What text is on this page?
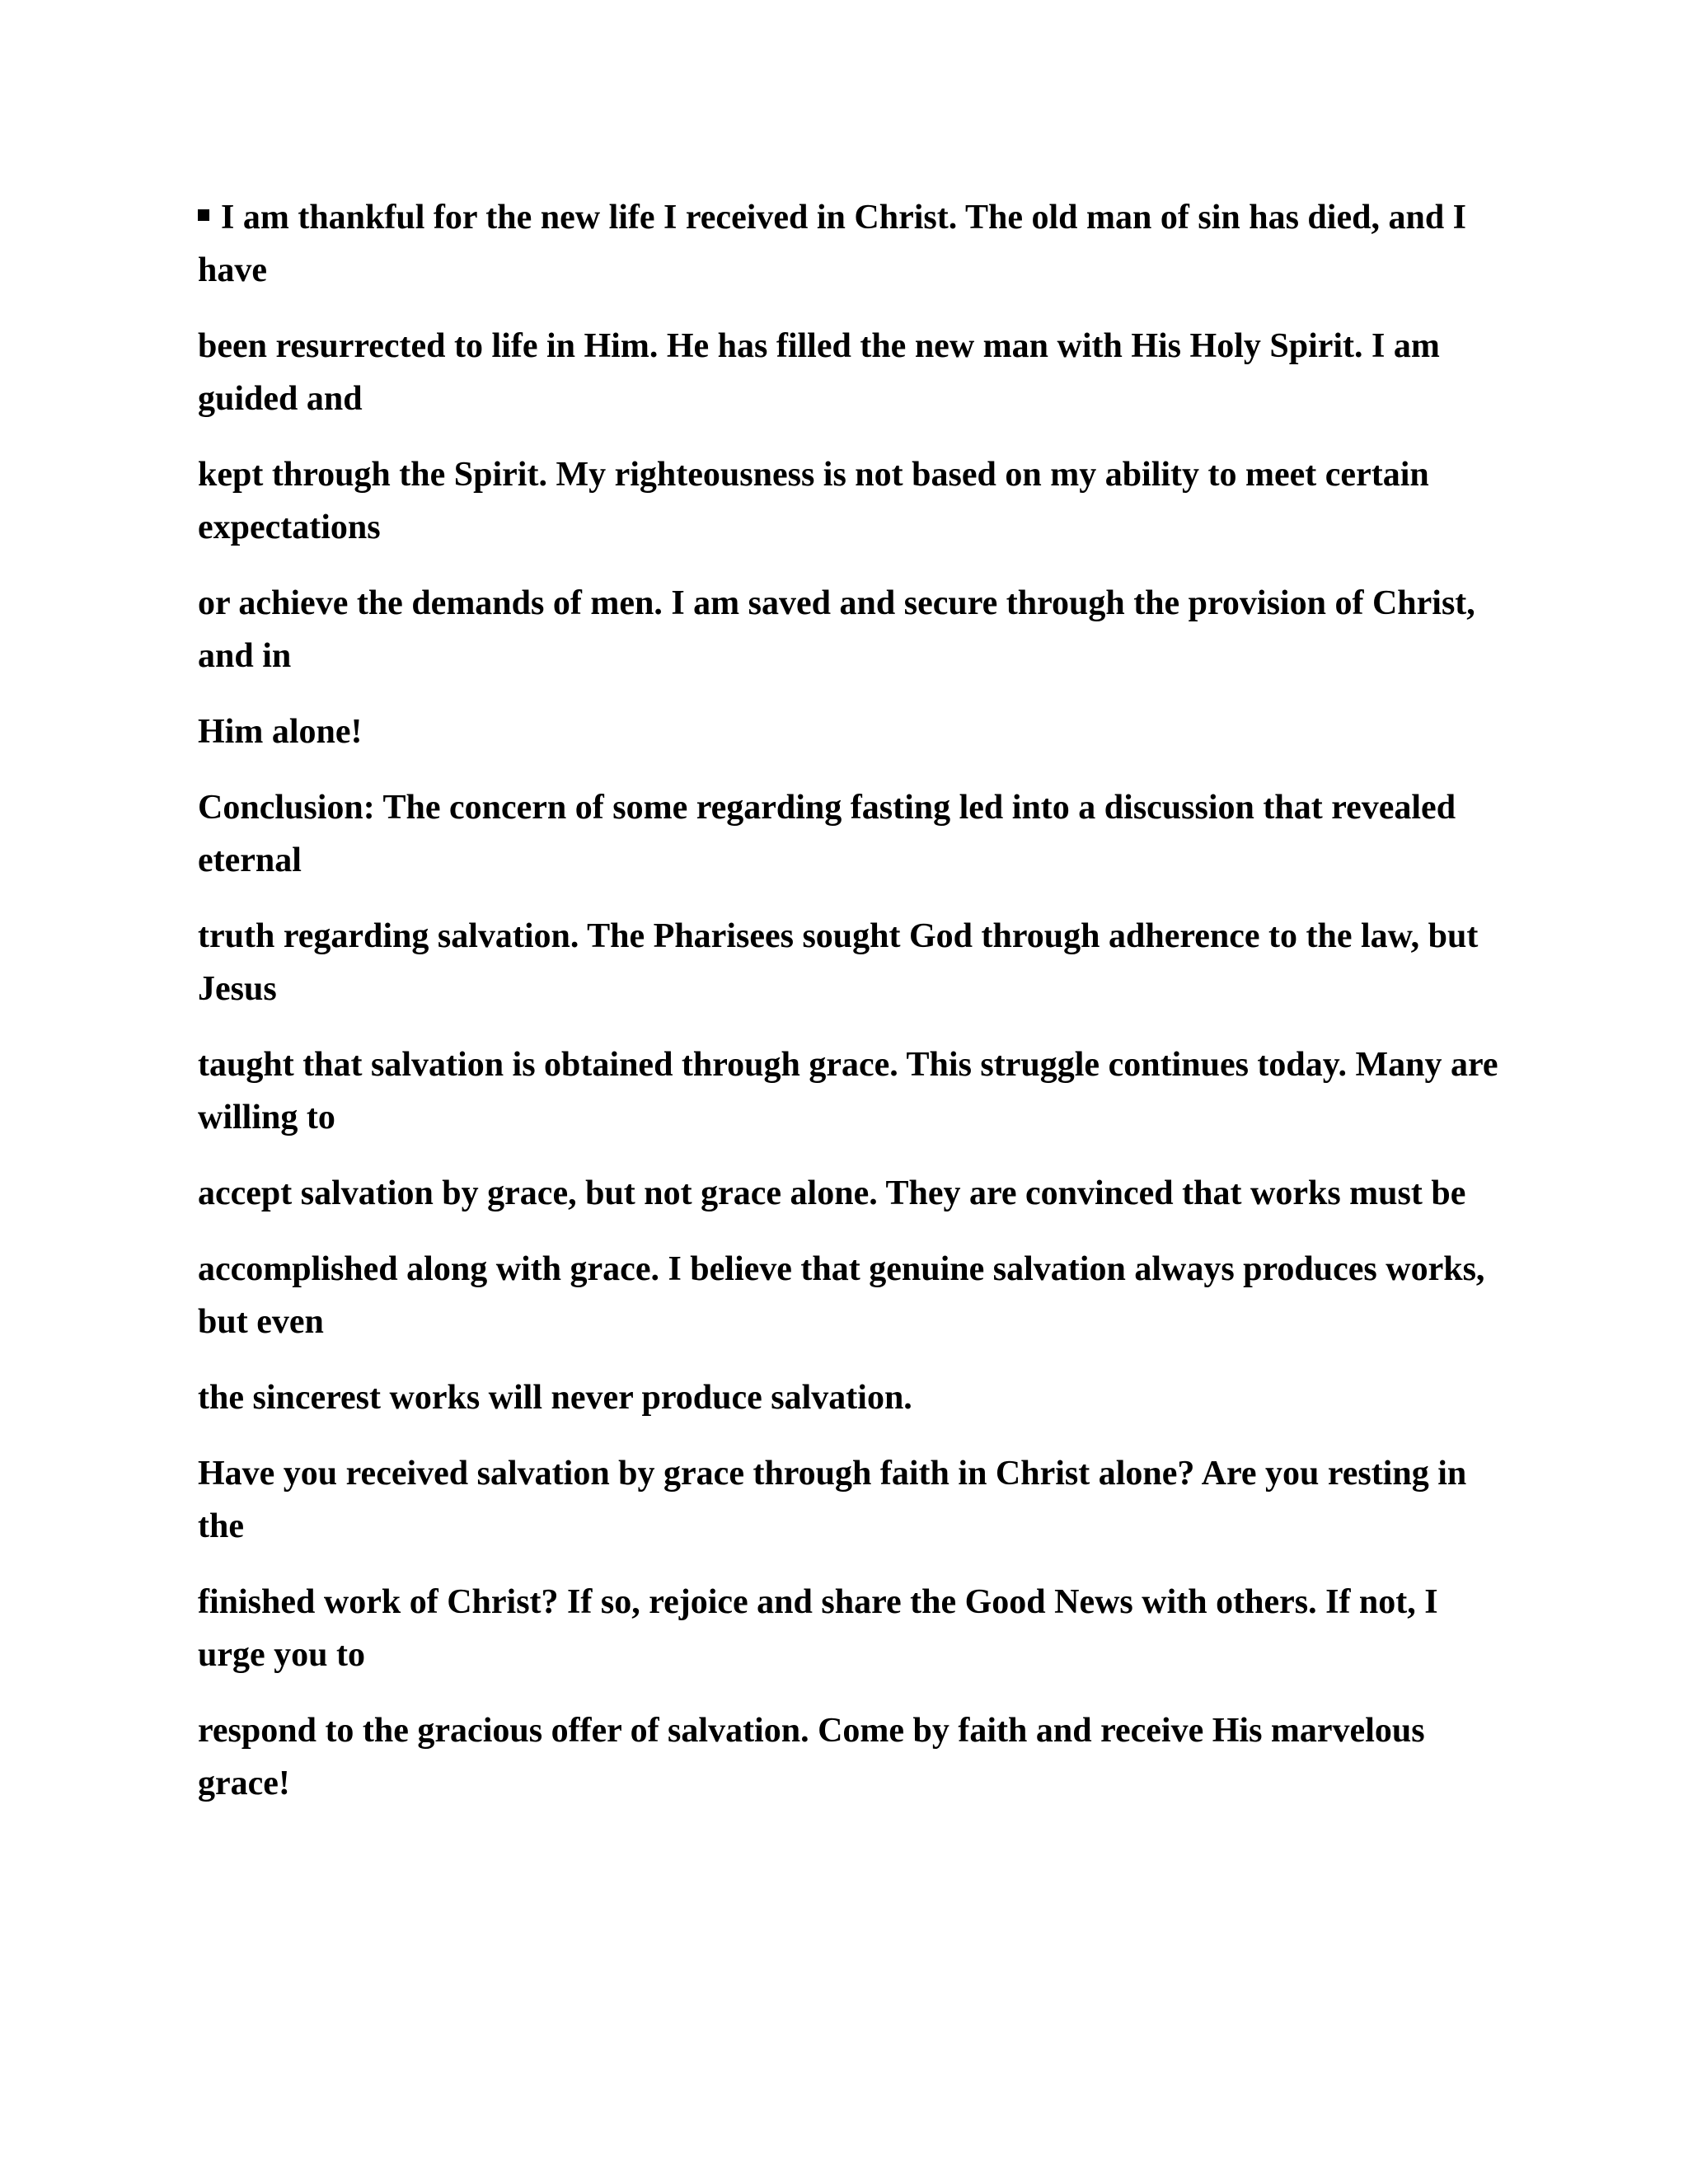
I am thankful for the new life I received in Christ. The old man of sin has died, and I have

been resurrected to life in Him. He has filled the new man with His Holy Spirit. I am guided and

kept through the Spirit. My righteousness is not based on my ability to meet certain expectations

or achieve the demands of men. I am saved and secure through the provision of Christ, and in

Him alone!

Conclusion: The concern of some regarding fasting led into a discussion that revealed eternal

truth regarding salvation. The Pharisees sought God through adherence to the law, but Jesus

taught that salvation is obtained through grace. This struggle continues today. Many are willing to

accept salvation by grace, but not grace alone. They are convinced that works must be

accomplished along with grace. I believe that genuine salvation always produces works, but even

the sincerest works will never produce salvation.

Have you received salvation by grace through faith in Christ alone? Are you resting in the

finished work of Christ? If so, rejoice and share the Good News with others. If not, I urge you to

respond to the gracious offer of salvation. Come by faith and receive His marvelous grace!
